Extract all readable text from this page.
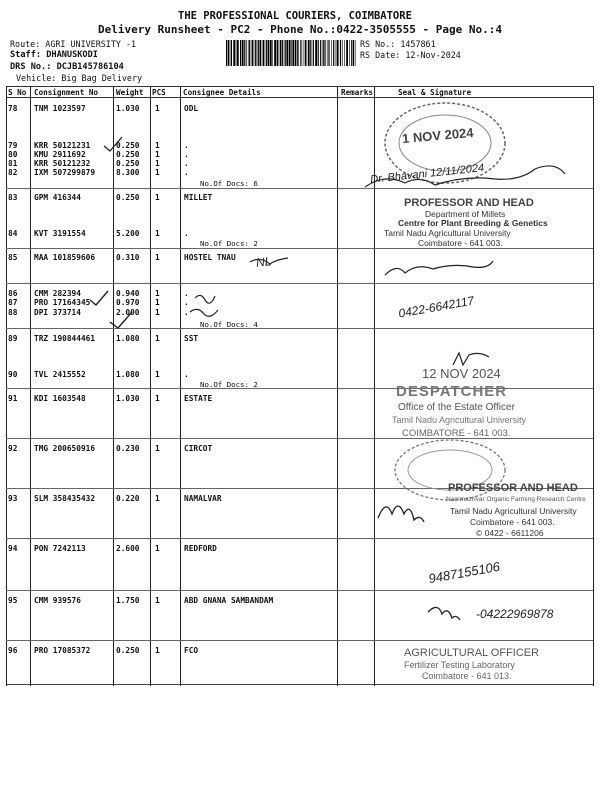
THE PROFESSIONAL COURIERS, COIMBATORE
Delivery Runsheet - PC2 - Phone No.:0422-3505555 - Page No.:4
Route: AGRI UNIVERSITY -1
Staff: DHANUSKODI
DRS No.: DCJB145786104
Vehicle: Big Bag Delivery
RS No.: 1457861
RS Date: 12-Nov-2024
S No Consignment No Weight PCS Consignee Details	Remarks	Seal & Signature
78 TNM 1023597	1.030 1	ODL
79 KRR 50121231	0.250 1	.
80 KMU 2911692	0.250 1	.
81 KRR 50121232	0.250 1	.
82 IXM 507299879	8.300 1	.
83 GPM 416344	0.250 1	MILLET
84 KVT 3191554	5.200 1	.
85 MAA 101859606	0.310 1	HOSTEL TNAU
86 CMM 282394	0.940 1	.
87 PRO 17164345	0.970 1	.
88 DPI 373714	2.000 1	.
89 TRZ 190844461	1.080 1	SST
90 TVL 2415552	1.080 1	.
91 KDI 1603548	1.030 1	ESTATE
92 TMG 200650916	0.230 1	CIRCOT
93 SLM 358435432	0.220 1	NAMALVAR
94 PON 7242113	2.600 1	REDFORD
95 CMM 939576	1.750 1	ABD GNANA SAMBANDAM
96 PRO 17085372	0.250 1	FCO
No.Of Docs: 6
No.Of Docs: 2
No.Of Docs: 4
No.Of Docs: 2
1 NOV 2024
Dr. Bhavani 12/11/2024
PROFESSOR AND HEAD
Department of Millets
Centre for Plant Breeding & Genetics
Tamil Nadu Agricultural University
Coimbatore - 641 003.
NL
0422-6642117
12 NOV 2024
DESPATCHER
Office of the Estate Officer
Tamil Nadu Agricultural University
COIMBATORE - 641 003.
PROFESSOR AND HEAD
Nammazhvar Organic Farming Research Centre
Tamil Nadu Agricultural University
Coimbatore - 641 003.
© 0422 - 6611206
9487155106
-04222969878
AGRICULTURAL OFFICER
Fertilizer Testing Laboratory
Coimbatore - 641 013.
